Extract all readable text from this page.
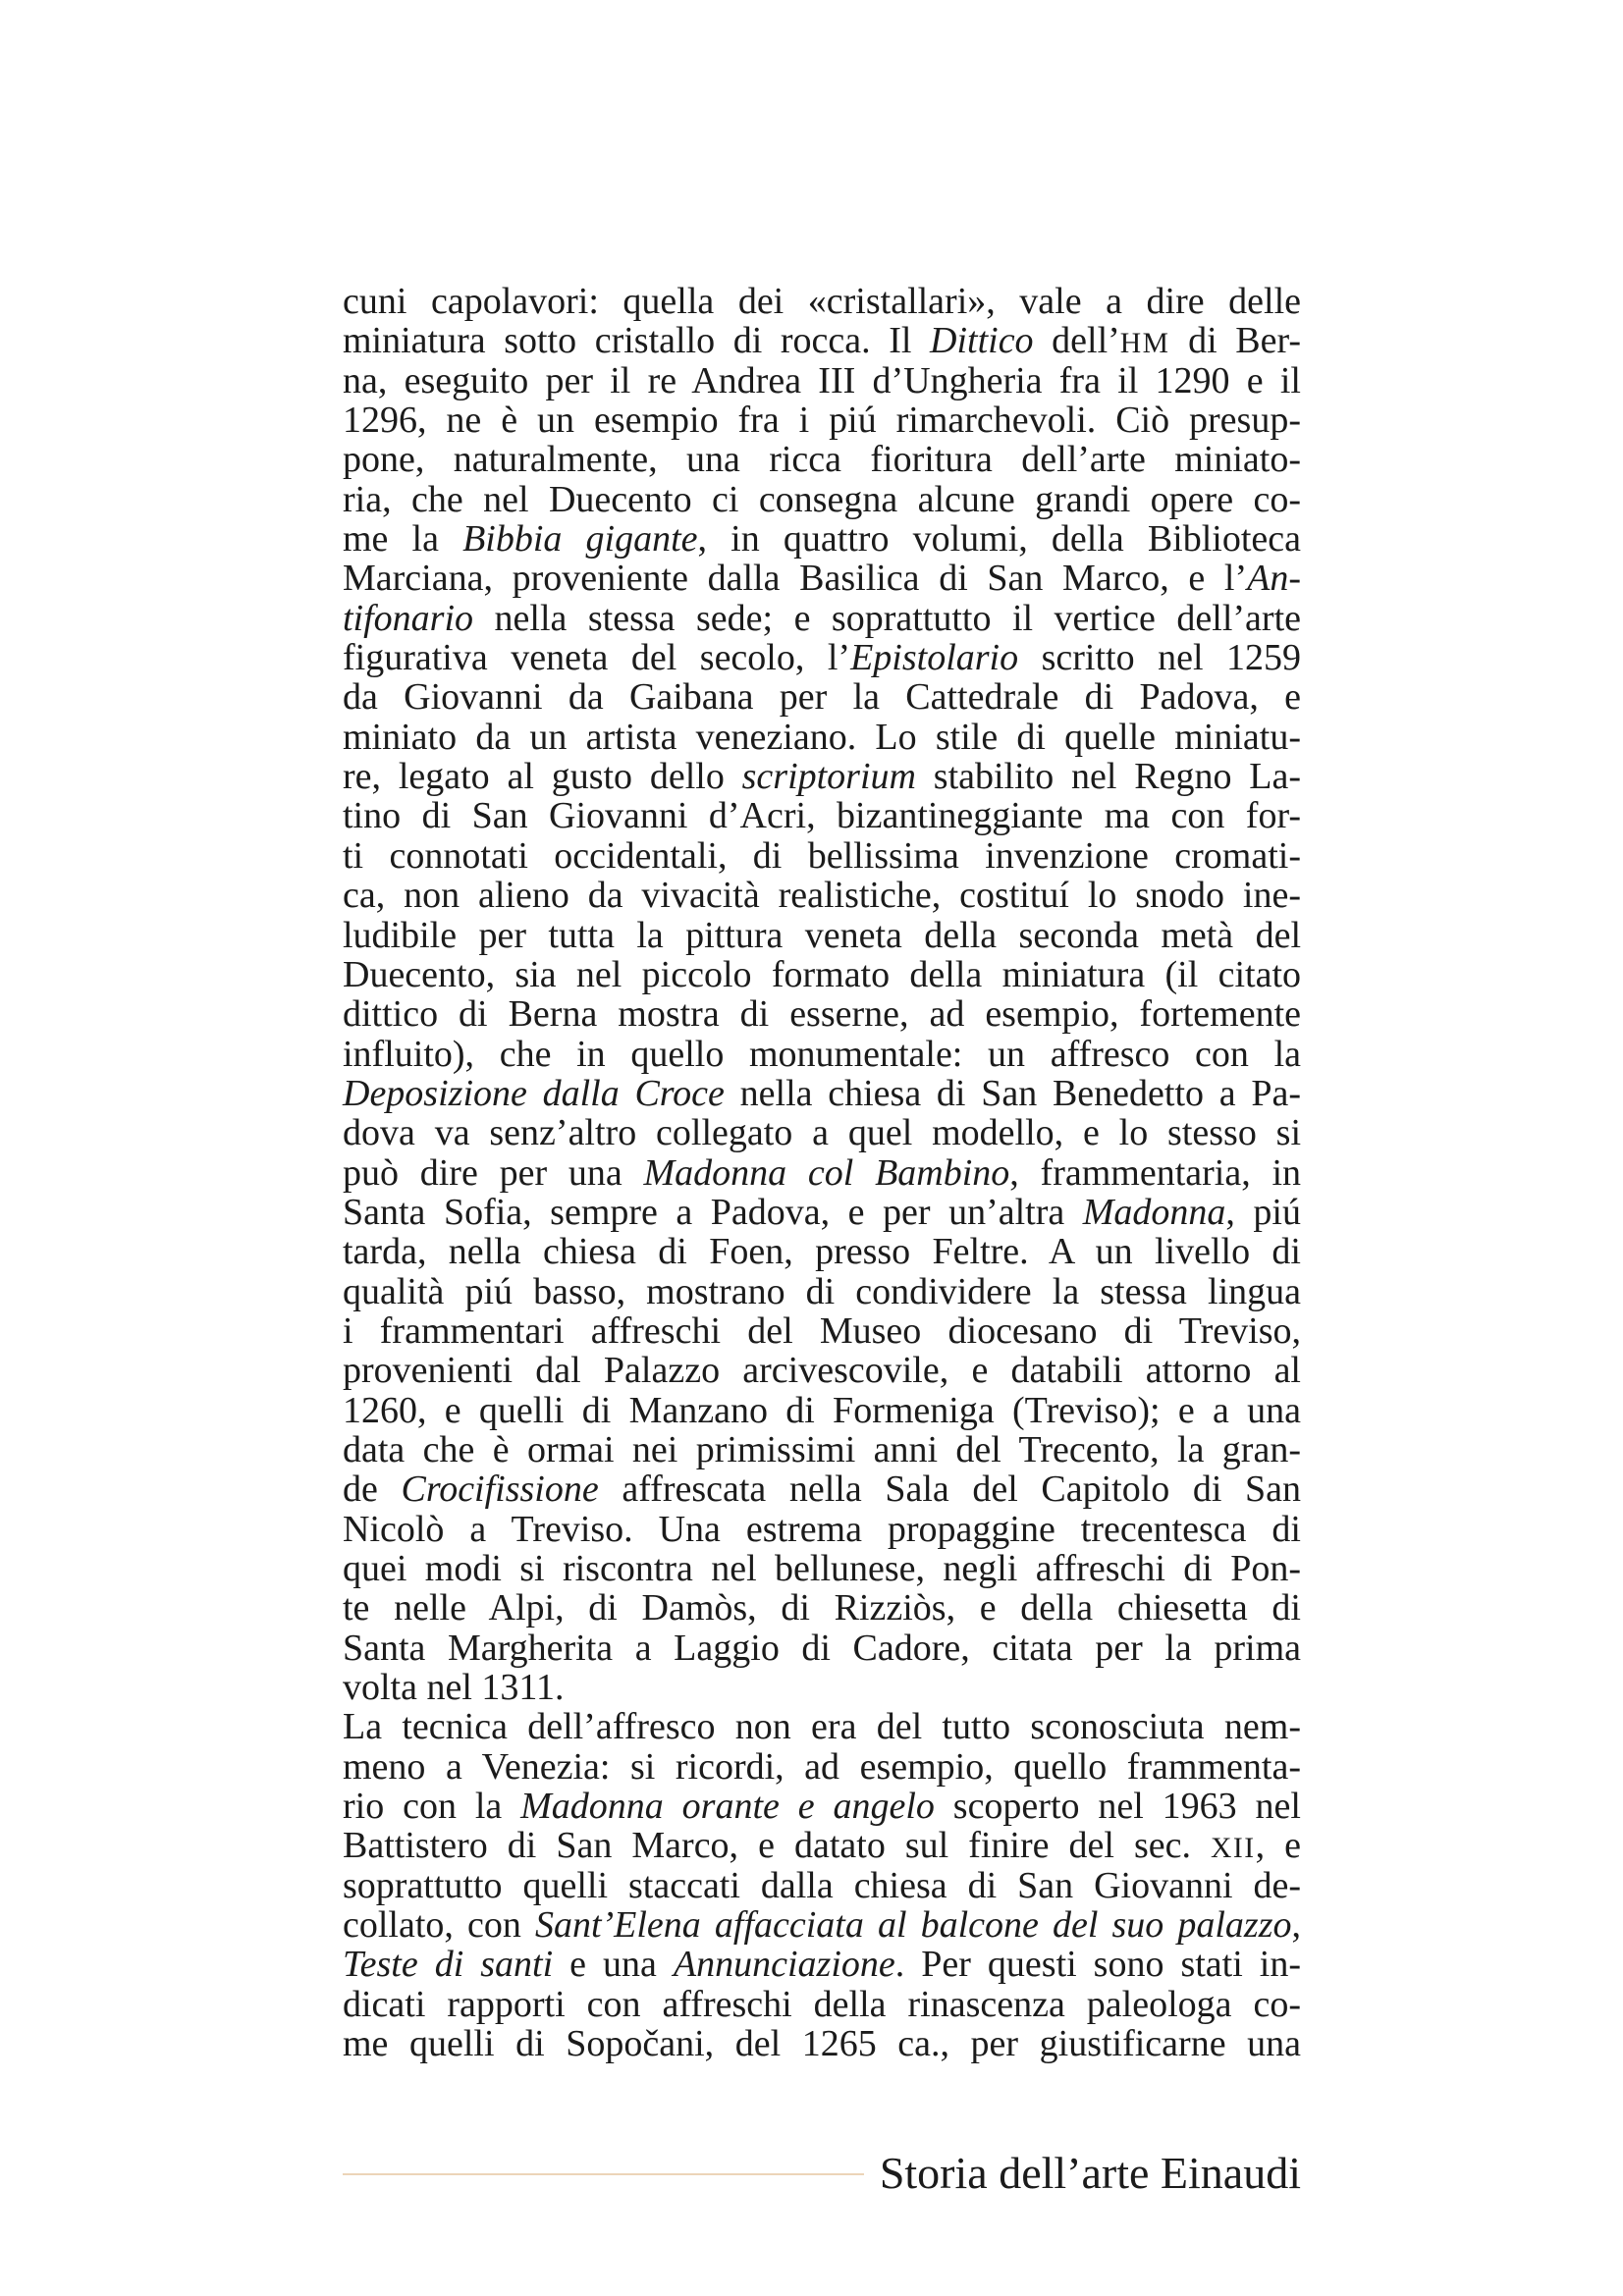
cuni capolavori: quella dei «cristallari», vale a dire delle
miniatura sotto cristallo di rocca. Il Dittico dell’HM di Ber-
na, eseguito per il re Andrea III d’Ungheria fra il 1290 e il
1296, ne è un esempio fra i piú rimarchevoli. Ciò presup-
pone, naturalmente, una ricca fioritura dell’arte miniato-
ria, che nel Duecento ci consegna alcune grandi opere co-
me la Bibbia gigante, in quattro volumi, della Biblioteca
Marciana, proveniente dalla Basilica di San Marco, e l’An-
tifonario nella stessa sede; e soprattutto il vertice dell’arte
figurativa veneta del secolo, l’Epistolario scritto nel 1259
da Giovanni da Gaibana per la Cattedrale di Padova, e
miniato da un artista veneziano. Lo stile di quelle miniatu-
re, legato al gusto dello scriptorium stabilito nel Regno La-
tino di San Giovanni d’Acri, bizantineggiante ma con for-
ti connotati occidentali, di bellissima invenzione cromati-
ca, non alieno da vivacità realistiche, costituí lo snodo ine-
ludibile per tutta la pittura veneta della seconda metà del
Duecento, sia nel piccolo formato della miniatura (il citato
dittico di Berna mostra di esserne, ad esempio, fortemente
influito), che in quello monumentale: un affresco con la
Deposizione dalla Croce nella chiesa di San Benedetto a Pa-
dova va senz’altro collegato a quel modello, e lo stesso si
può dire per una Madonna col Bambino, frammentaria, in
Santa Sofia, sempre a Padova, e per un’altra Madonna, piú
tarda, nella chiesa di Foen, presso Feltre. A un livello di
qualità piú basso, mostrano di condividere la stessa lingua
i frammentari affreschi del Museo diocesano di Treviso,
provenienti dal Palazzo arcivescovile, e databili attorno al
1260, e quelli di Manzano di Formeniga (Treviso); e a una
data che è ormai nei primissimi anni del Trecento, la gran-
de Crocifissione affrescata nella Sala del Capitolo di San
Nicolò a Treviso. Una estrema propaggine trecentesca di
quei modi si riscontra nel bellunese, negli affreschi di Pon-
te nelle Alpi, di Damòs, di Rizziòs, e della chiesetta di
Santa Margherita a Laggio di Cadore, citata per la prima
volta nel 1311.
La tecnica dell’affresco non era del tutto sconosciuta nem-
meno a Venezia: si ricordi, ad esempio, quello frammenta-
rio con la Madonna orante e angelo scoperto nel 1963 nel
Battistero di San Marco, e datato sul finire del sec. XII, e
soprattutto quelli staccati dalla chiesa di San Giovanni de-
collato, con Sant’Elena affacciata al balcone del suo palazzo,
Teste di santi e una Annunciazione. Per questi sono stati in-
dicati rapporti con affreschi della rinascenza paleologa co-
me quelli di Sopočani, del 1265 ca., per giustificarne una
Storia dell’arte Einaudi
